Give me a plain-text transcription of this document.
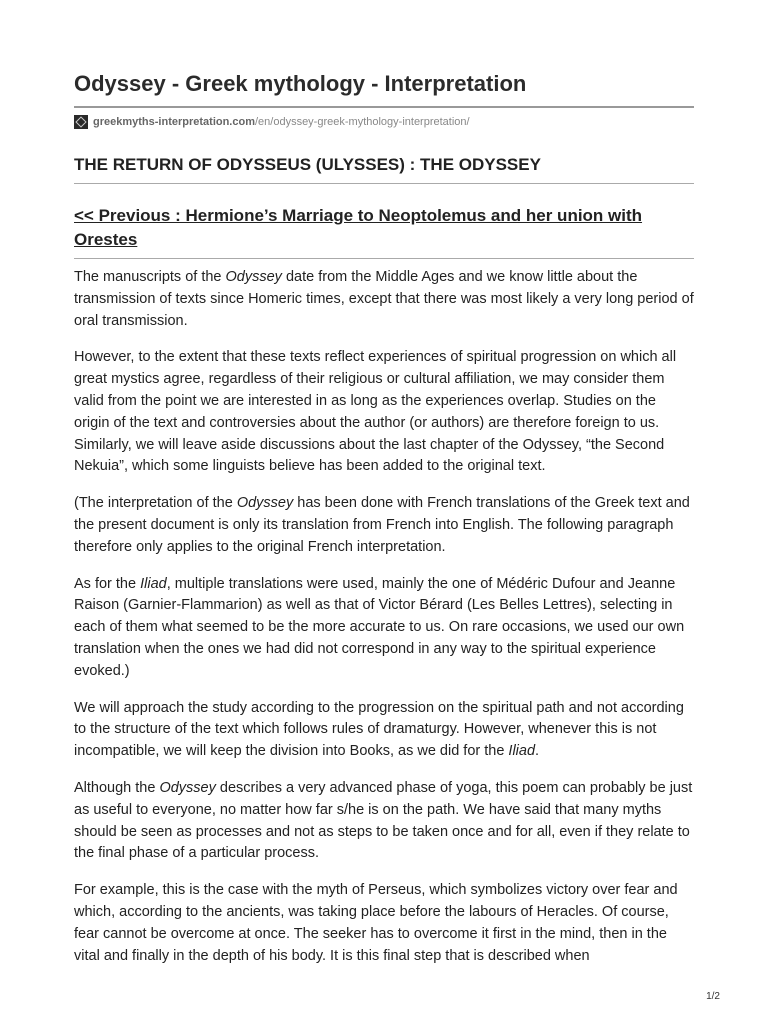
Odyssey - Greek mythology - Interpretation
greekmyths-interpretation.com /en/odyssey-greek-mythology-interpretation/
THE RETURN OF ODYSSEUS (ULYSSES) : THE ODYSSEY
<< Previous : Hermione’s Marriage to Neoptolemus and her union with Orestes

The manuscripts of the Odyssey date from the Middle Ages and we know little about the transmission of texts since Homeric times, except that there was most likely a very long period of oral transmission.

However, to the extent that these texts reflect experiences of spiritual progression on which all great mystics agree, regardless of their religious or cultural affiliation, we may consider them valid from the point we are interested in as long as the experiences overlap. Studies on the origin of the text and controversies about the author (or authors) are therefore foreign to us. Similarly, we will leave aside discussions about the last chapter of the Odyssey, “the Second Nekuia”, which some linguists believe has been added to the original text.

(The interpretation of the Odyssey has been done with French translations of the Greek text and the present document is only its translation from French into English. The following paragraph therefore only applies to the original French interpretation.

As for the Iliad, multiple translations were used, mainly the one of Médéric Dufour and Jeanne Raison (Garnier-Flammarion) as well as that of Victor Bérard (Les Belles Lettres), selecting in each of them what seemed to be the more accurate to us. On rare occasions, we used our own translation when the ones we had did not correspond in any way to the spiritual experience evoked.)

We will approach the study according to the progression on the spiritual path and not according to the structure of the text which follows rules of dramaturgy. However, whenever this is not incompatible, we will keep the division into Books, as we did for the Iliad.

Although the Odyssey describes a very advanced phase of yoga, this poem can probably be just as useful to everyone, no matter how far s/he is on the path. We have said that many myths should be seen as processes and not as steps to be taken once and for all, even if they relate to the final phase of a particular process.

For example, this is the case with the myth of Perseus, which symbolizes victory over fear and which, according to the ancients, was taking place before the labours of Heracles. Of course, fear cannot be overcome at once. The seeker has to overcome it first in the mind, then in the vital and finally in the depth of his body. It is this final step that is described when

1/2
